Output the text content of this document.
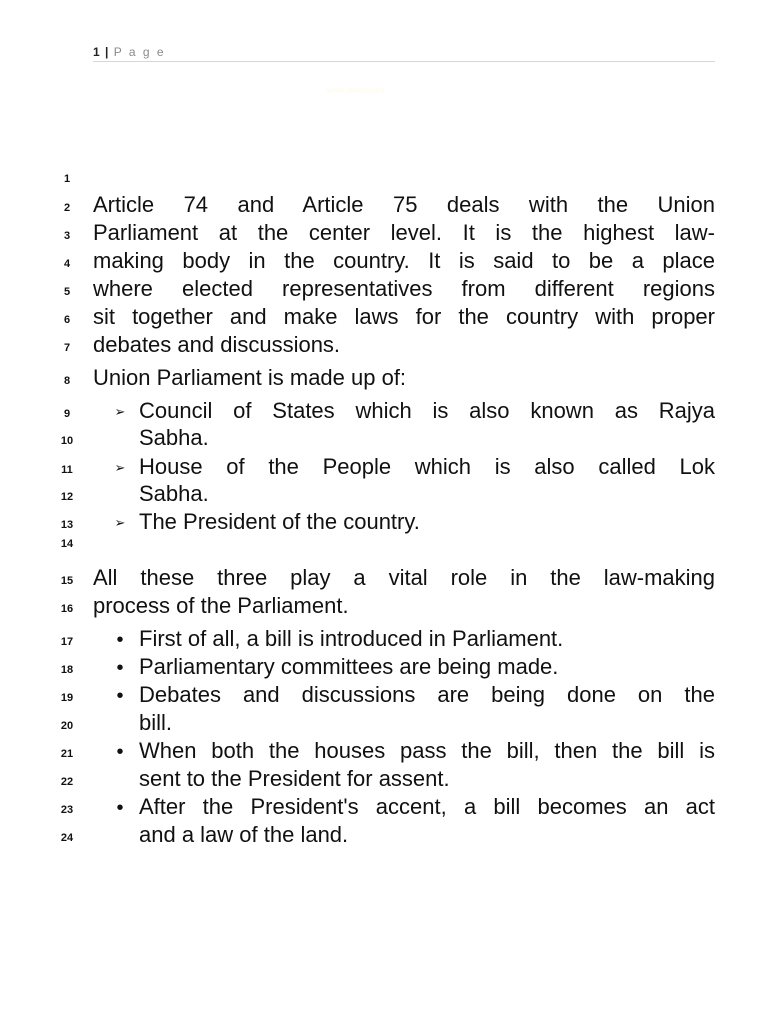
1 | P a g e
www.lawbhoomi
1
2
3
4
5
6
7
8
9
10
11
12
13
14
15
16
17
18
19
20
21
22
23
24
Article 74 and Article 75 deals with the Union
Parliament at the center level. It is the highest law-
making body in the country. It is said to be a place
where elected representatives from different regions
sit together and make laws for the country with proper
debates and discussions.
Union Parliament is made up of:
➢ Council of States which is also known as Rajya
Sabha.
➢ House of the People which is also called Lok
Sabha.
➢ The President of the country.
All these three play a vital role in the law-making
process of the Parliament.
• First of all, a bill is introduced in Parliament.
• Parliamentary committees are being made.
• Debates and discussions are being done on the
bill.
• When both the houses pass the bill, then the bill is
sent to the President for assent.
• After the President's accent, a bill becomes an act
and a law of the land.
